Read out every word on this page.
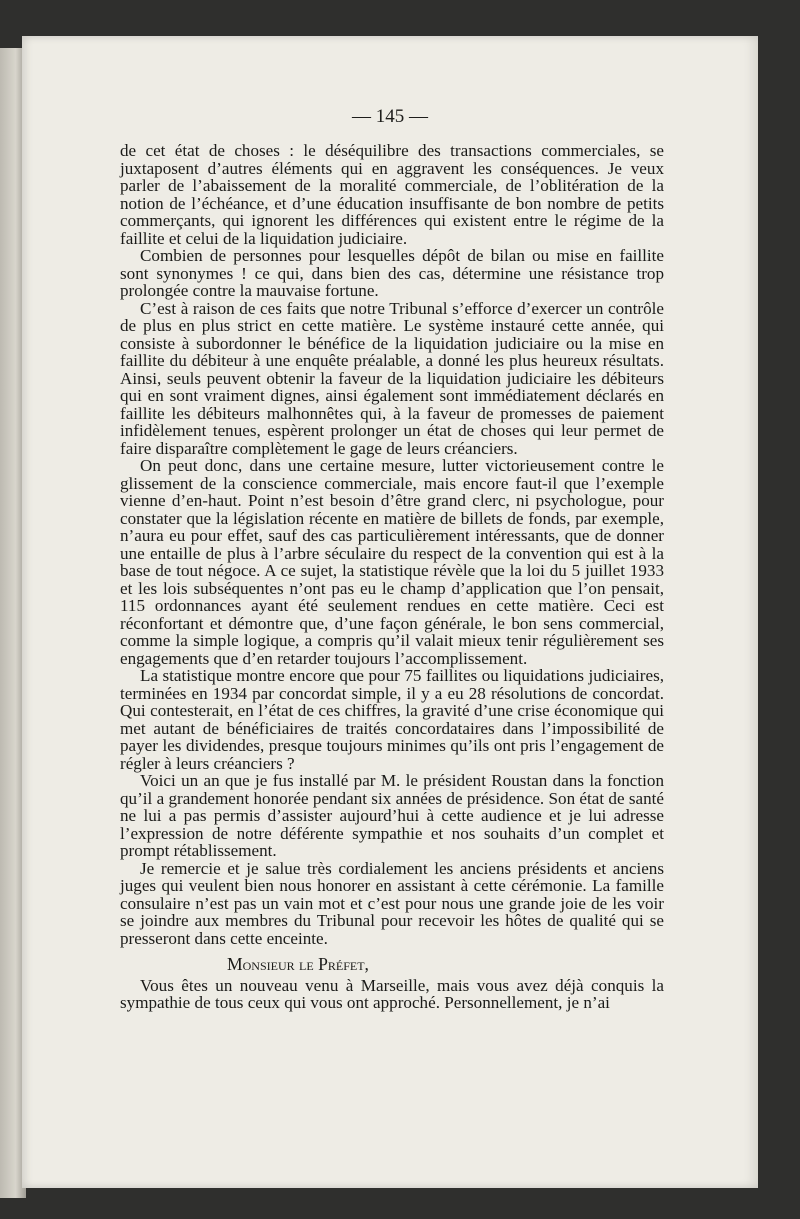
— 145 —

de cet état de choses : le déséquilibre des transactions commerciales, se juxtaposent d’autres éléments qui en aggravent les conséquences. Je veux parler de l’abaissement de la moralité commerciale, de l’oblitération de la notion de l’échéance, et d’une éducation insuffisante de bon nombre de petits commerçants, qui ignorent les différences qui existent entre le régime de la faillite et celui de la liquidation judiciaire.

Combien de personnes pour lesquelles dépôt de bilan ou mise en faillite sont synonymes ! ce qui, dans bien des cas, détermine une résistance trop prolongée contre la mauvaise fortune.

C’est à raison de ces faits que notre Tribunal s’efforce d’exercer un contrôle de plus en plus strict en cette matière. Le système instauré cette année, qui consiste à subordonner le bénéfice de la liquidation judiciaire ou la mise en faillite du débiteur à une enquête préalable, a donné les plus heureux résultats. Ainsi, seuls peuvent obtenir la faveur de la liquidation judiciaire les débiteurs qui en sont vraiment dignes, ainsi également sont immédiatement déclarés en faillite les débiteurs malhonnêtes qui, à la faveur de promesses de paiement infidèlement tenues, espèrent prolonger un état de choses qui leur permet de faire disparaître complètement le gage de leurs créanciers.

On peut donc, dans une certaine mesure, lutter victorieusement contre le glissement de la conscience commerciale, mais encore faut-il que l’exemple vienne d’en-haut. Point n’est besoin d’être grand clerc, ni psychologue, pour constater que la législation récente en matière de billets de fonds, par exemple, n’aura eu pour effet, sauf des cas particulièrement intéressants, que de donner une entaille de plus à l’arbre séculaire du respect de la convention qui est à la base de tout négoce. A ce sujet, la statistique révèle que la loi du 5 juillet 1933 et les lois subséquentes n’ont pas eu le champ d’application que l’on pensait, 115 ordonnances ayant été seulement rendues en cette matière. Ceci est réconfortant et démontre que, d’une façon générale, le bon sens commercial, comme la simple logique, a compris qu’il valait mieux tenir régulièrement ses engagements que d’en retarder toujours l’accomplissement.

La statistique montre encore que pour 75 faillites ou liquidations judiciaires, terminées en 1934 par concordat simple, il y a eu 28 résolutions de concordat. Qui contesterait, en l’état de ces chiffres, la gravité d’une crise économique qui met autant de bénéficiaires de traités concordataires dans l’impossibilité de payer les dividendes, presque toujours minimes qu’ils ont pris l’engagement de régler à leurs créanciers ?

Voici un an que je fus installé par M. le président Roustan dans la fonction qu’il a grandement honorée pendant six années de présidence. Son état de santé ne lui a pas permis d’assister aujourd’hui à cette audience et je lui adresse l’expression de notre déférente sympathie et nos souhaits d’un complet et prompt rétablissement.

Je remercie et je salue très cordialement les anciens présidents et anciens juges qui veulent bien nous honorer en assistant à cette cérémonie. La famille consulaire n’est pas un vain mot et c’est pour nous une grande joie de les voir se joindre aux membres du Tribunal pour recevoir les hôtes de qualité qui se presseront dans cette enceinte.

Monsieur le Préfet,

Vous êtes un nouveau venu à Marseille, mais vous avez déjà conquis la sympathie de tous ceux qui vous ont approché. Personnellement, je n’ai
